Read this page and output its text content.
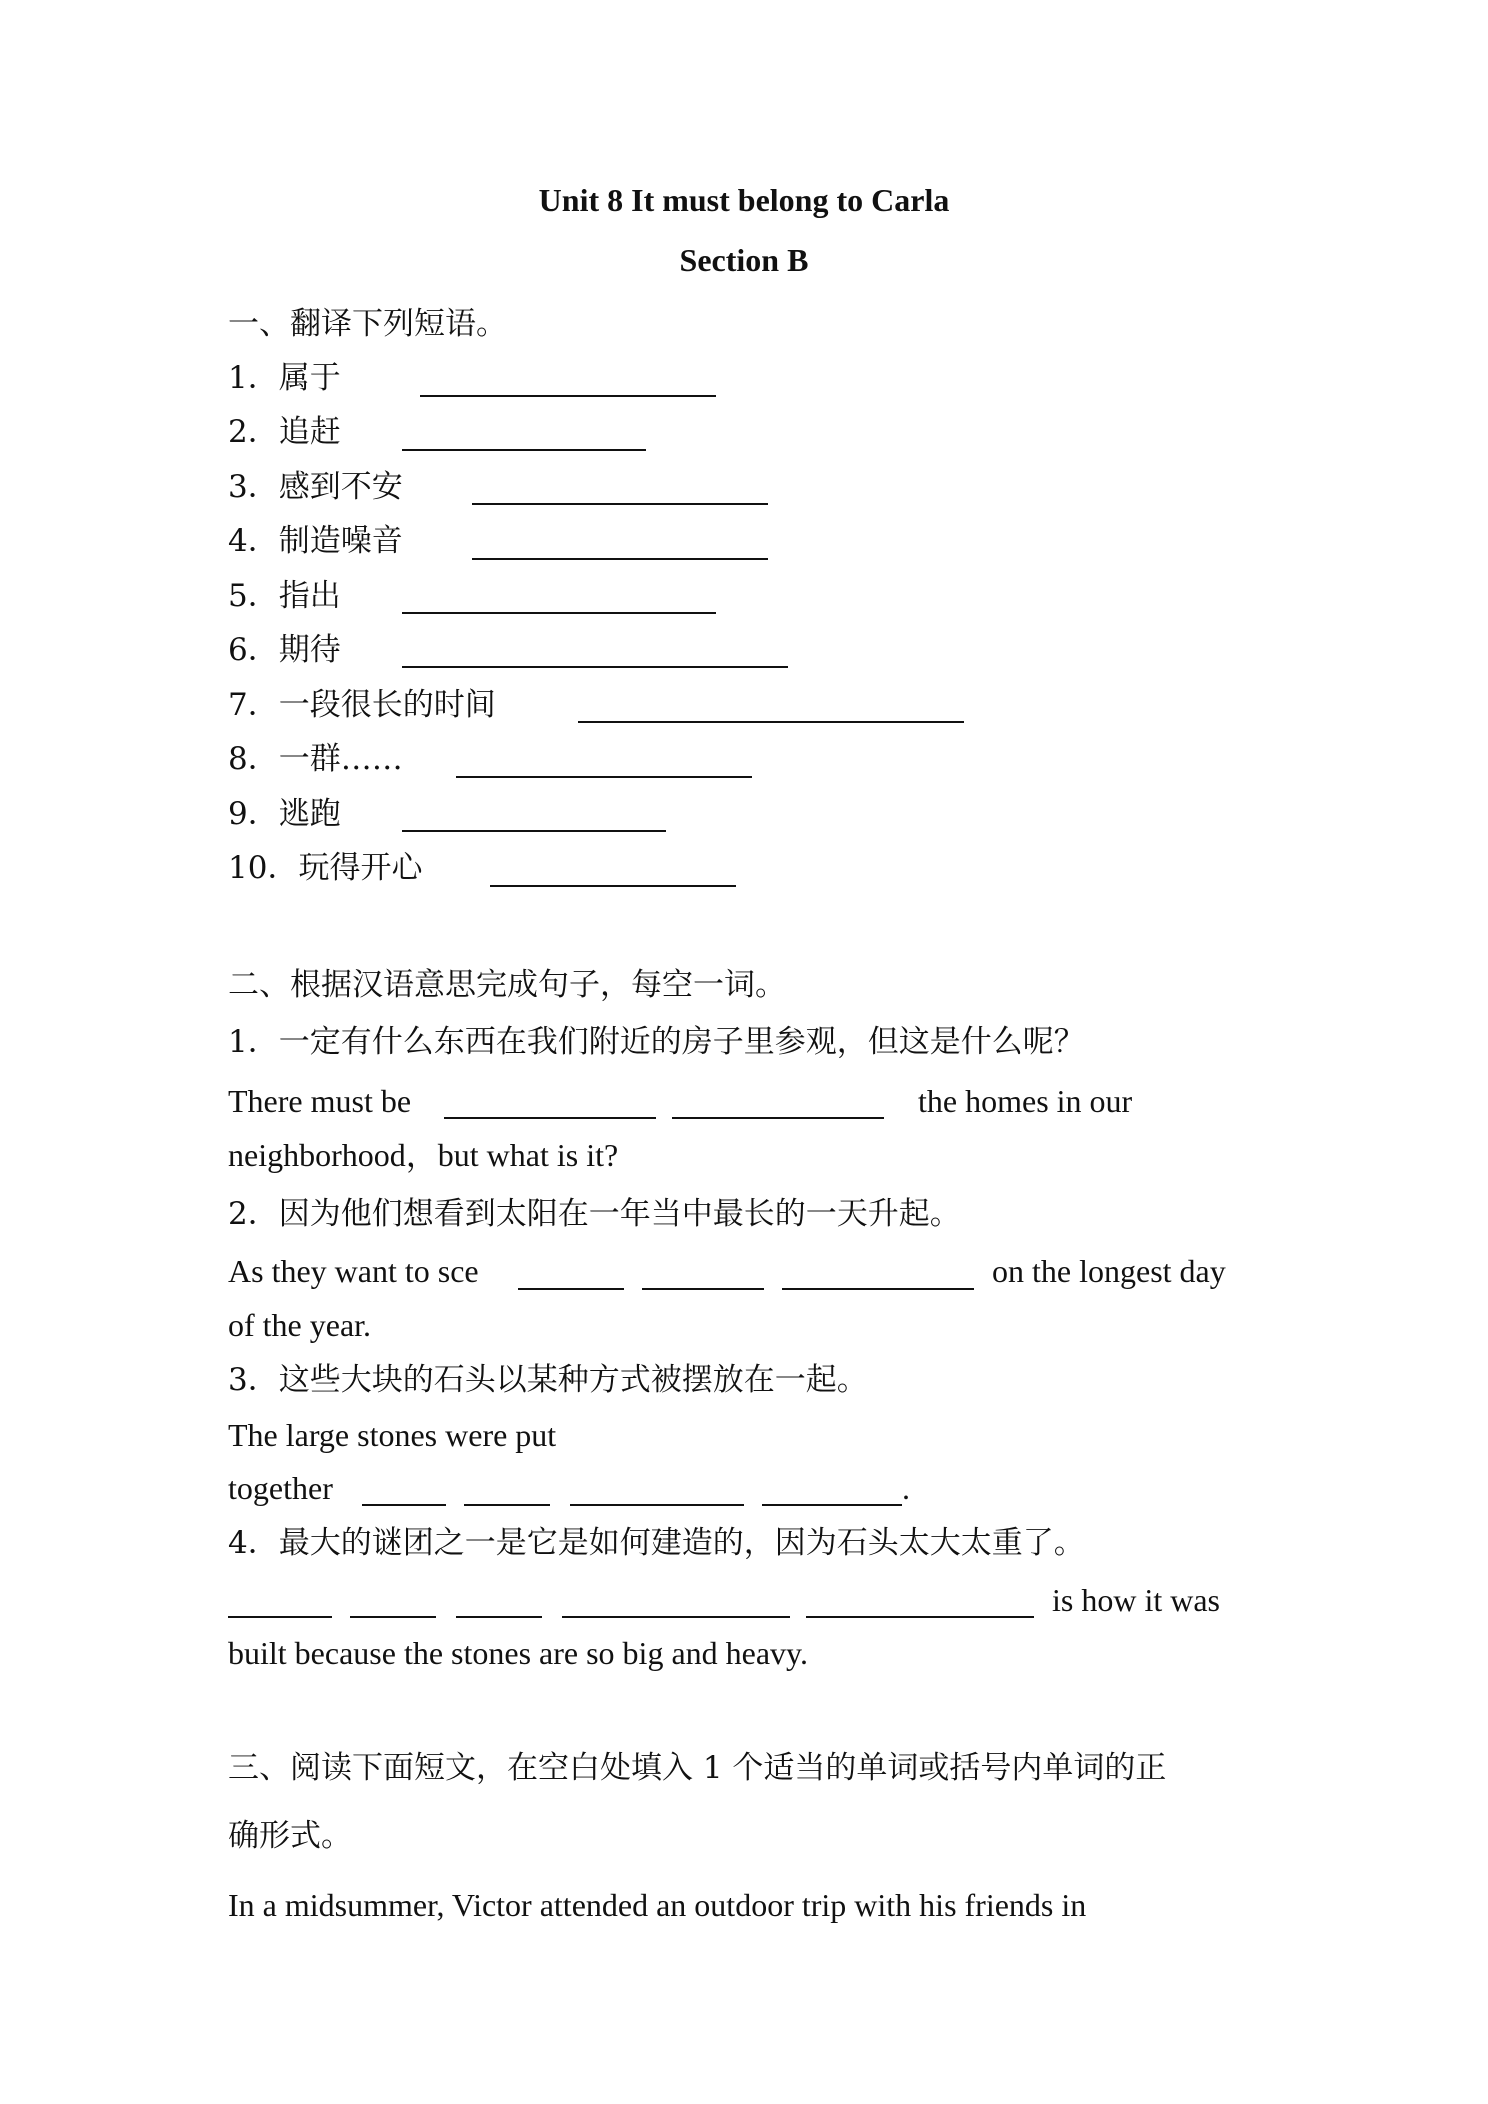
Unit 8 It must belong to Carla
Section B
一、翻译下列短语。
1．属于
2．追赶
3．感到不安
4．制造噪音
5．指出
6．期待
7．一段很长的时间
8．一群……
9．逃跑
10．玩得开心
二、根据汉语意思完成句子，每空一词。
1．一定有什么东西在我们附近的房子里参观，但这是什么呢？
There must be	the homes in our
neighborhood，but what is it?
2．因为他们想看到太阳在一年当中最长的一天升起。
As they want to sce	on the longest day
of the year.
3．这些大块的石头以某种方式被摆放在一起。
The large stones were put
together	.
4．最大的谜团之一是它是如何建造的，因为石头太大太重了。
is how it was
built because the stones are so big and heavy.
三、阅读下面短文，在空白处填入 1 个适当的单词或括号内单词的正
确形式。
In a midsummer, Victor attended an outdoor trip with his friends in
